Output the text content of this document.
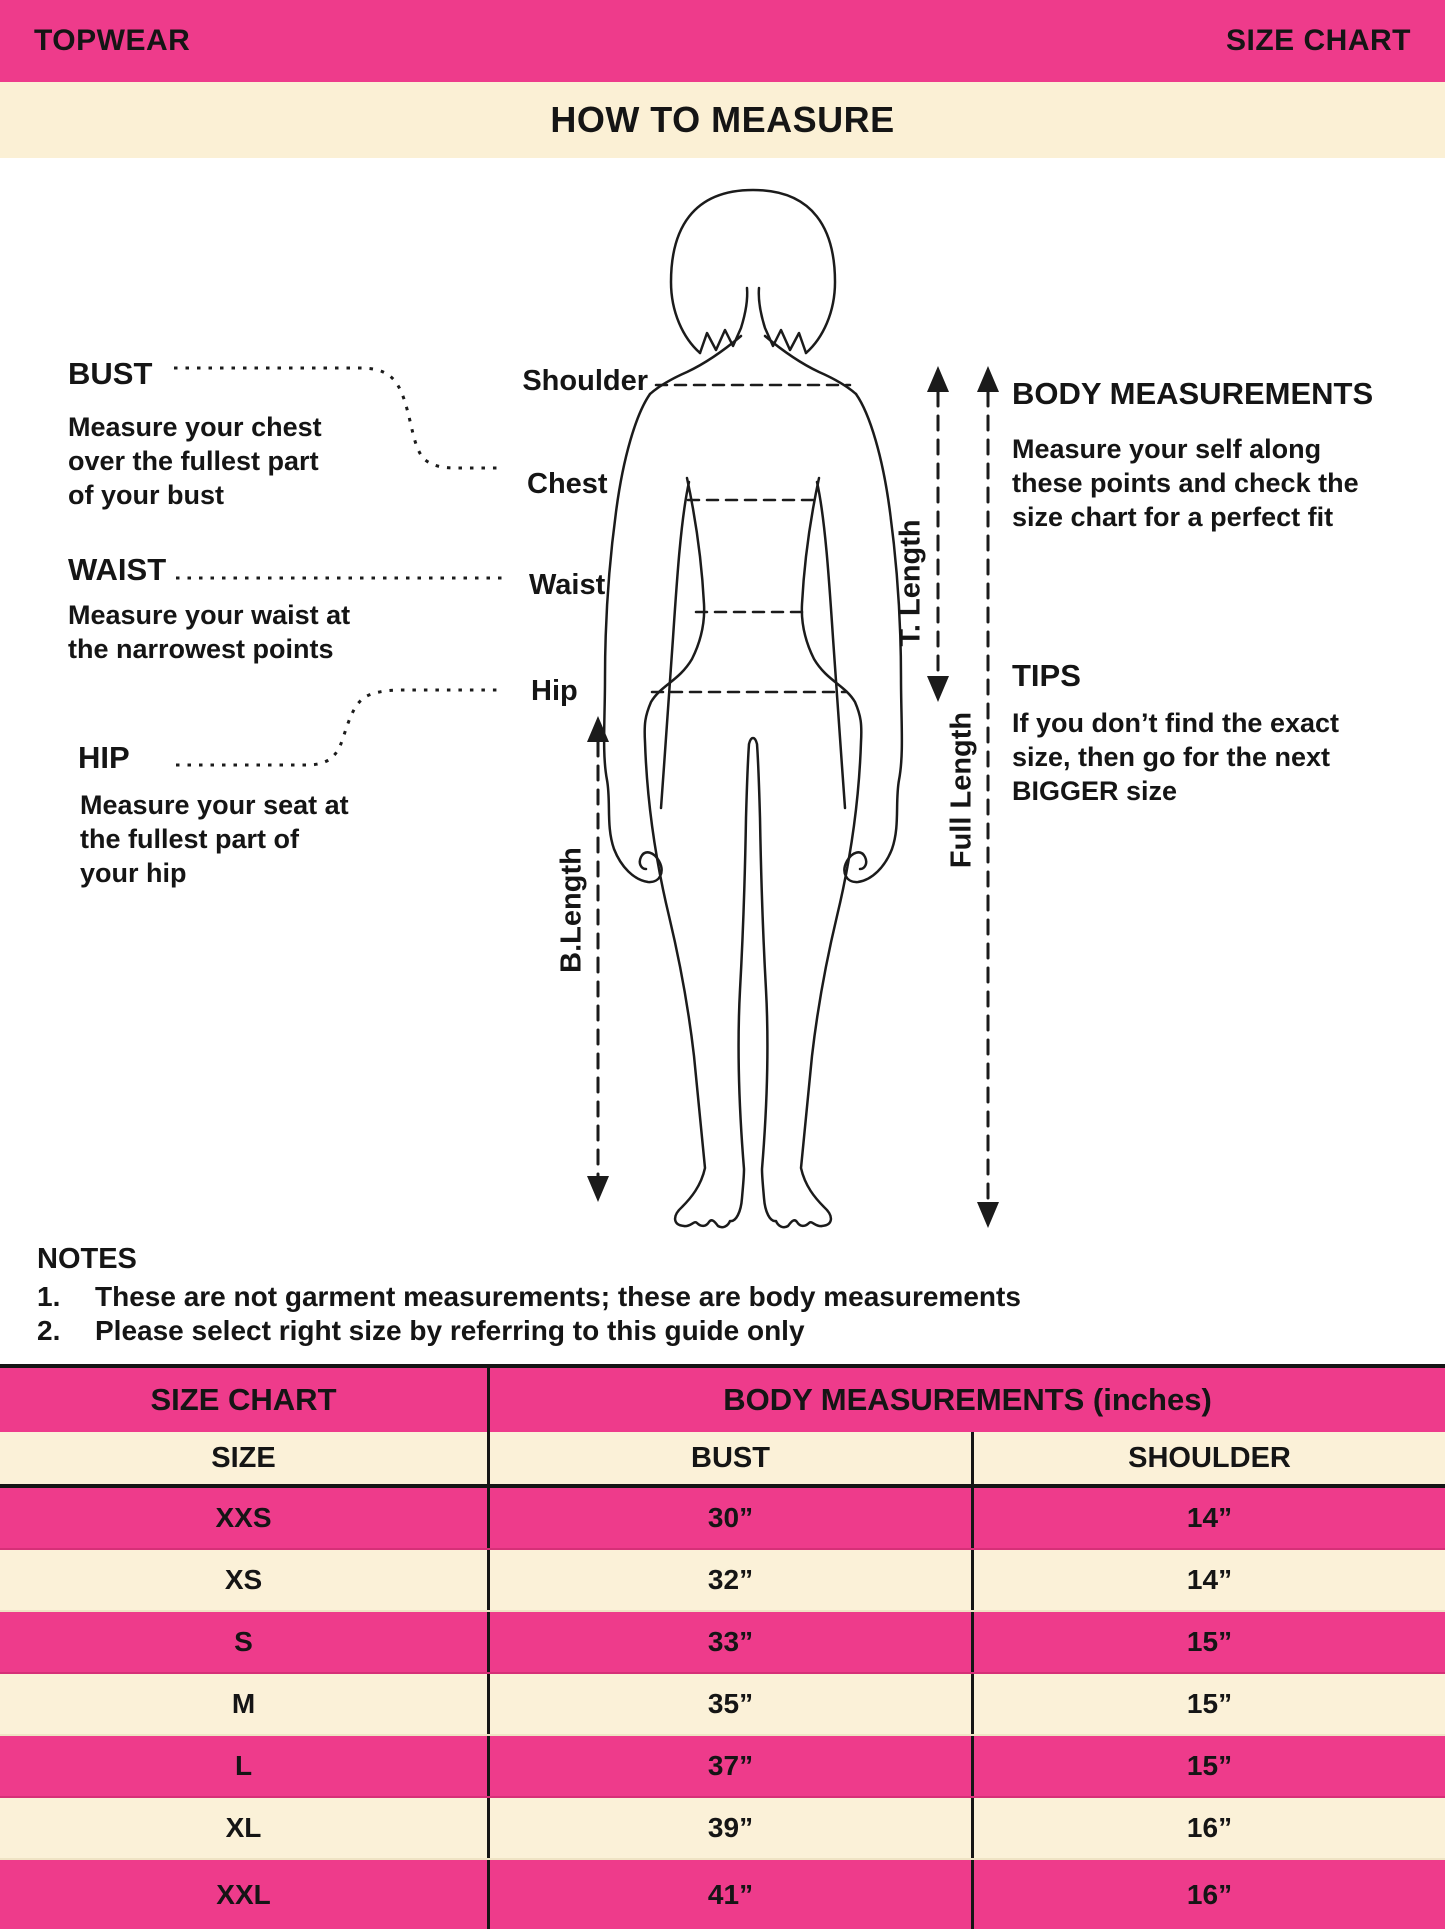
TOPWEAR	SIZE CHART
HOW TO MEASURE
BUST
Measure your chest
over the fullest part
of your bust
WAIST
Measure your waist at
the narrowest points
HIP
Measure your seat at
the fullest part of
your hip
BODY MEASUREMENTS
Measure your self along
these points and check the
size chart for a perfect fit
TIPS
If you don’t find the exact
size, then go for the next
BIGGER size
Shoulder
Chest
Waist
Hip
T. Length
B.Length
Full Length
NOTES
1.	These are not garment measurements; these are body measurements
2.	Please select right size by referring to this guide only
SIZE CHART	BODY MEASUREMENTS (inches)
SIZE	BUST	SHOULDER
XXS	30”	14”
XS	32”	14”
S	33”	15”
M	35”	15”
L	37”	15”
XL	39”	16”
XXL	41”	16”
